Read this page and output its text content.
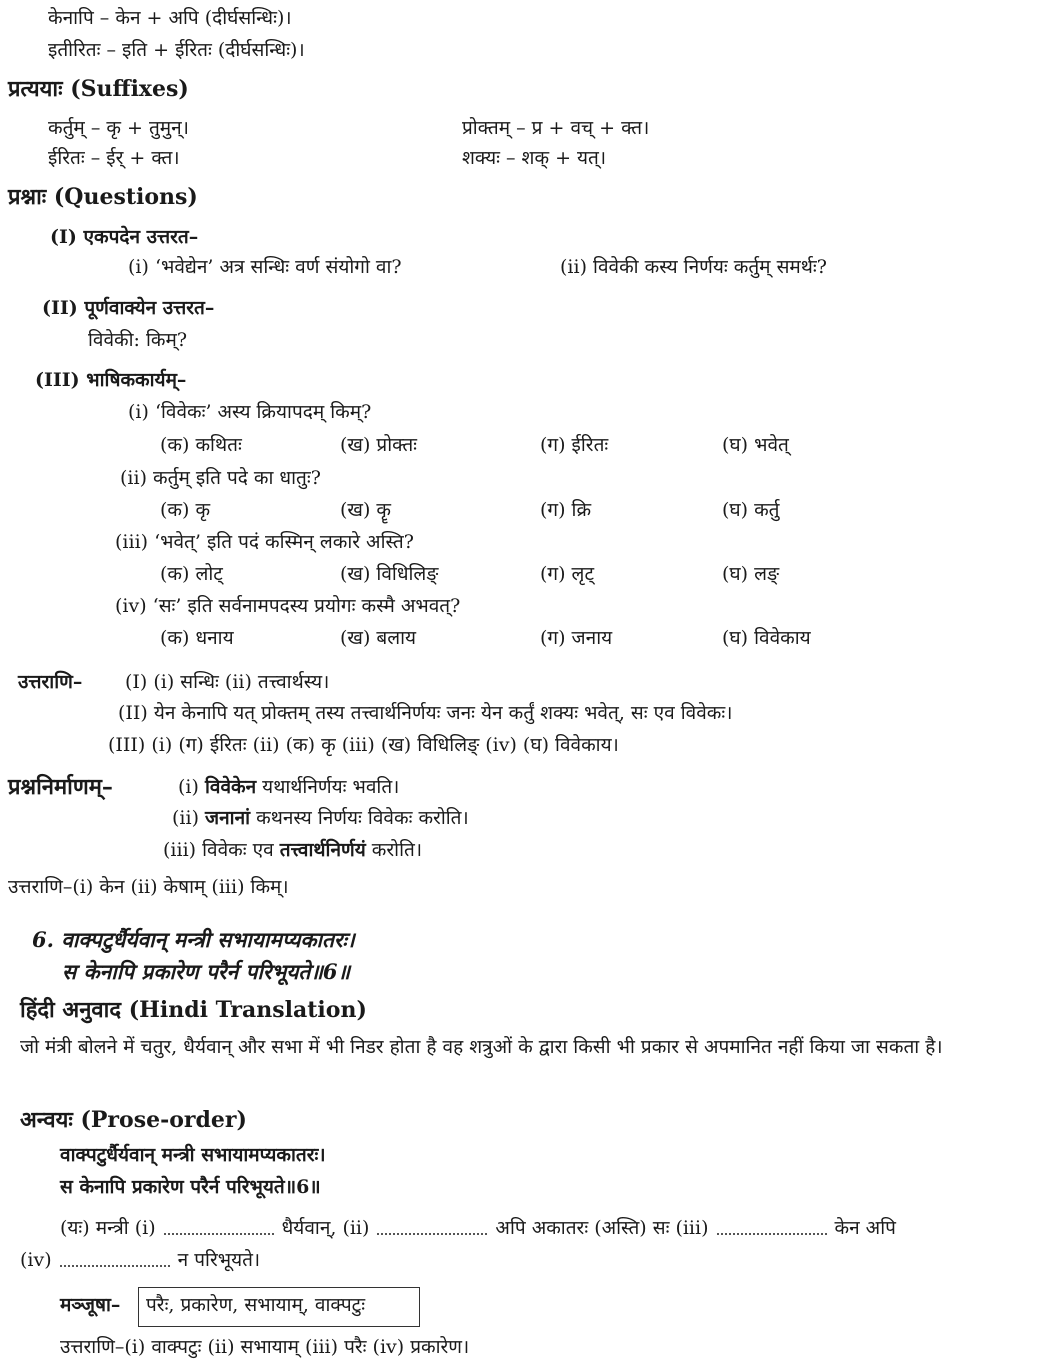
केनापि – केन + अपि (दीर्घसन्धिः)।
इतीरितः – इति + ईरितः (दीर्घसन्धिः)।
प्रत्ययाः (Suffixes)
कर्तुम् – कृ + तुमुन्।	प्रोक्तम् – प्र + वच् + क्त।
ईरितः – ईर् + क्त।	शक्यः – शक् + यत्।
प्रश्नाः (Questions)
(I) एकपदेन उत्तरत–
(i) ‘भवेद्येन’ अत्र सन्धिः वर्ण संयोगो वा?	(ii) विवेकी कस्य निर्णयः कर्तुम् समर्थः?
(II) पूर्णवाक्येन उत्तरत–
विवेकी: किम्?
(III) भाषिककार्यम्–
(i) ‘विवेकः’ अस्य क्रियापदम् किम्?
(क) कथितः	(ख) प्रोक्तः	(ग) ईरितः	(घ) भवेत्
(ii) कर्तुम् इति पदे का धातुः?
(क) कृ	(ख) कॄ	(ग) क्रि	(घ) कर्तु
(iii) ‘भवेत्’ इति पदं कस्मिन् लकारे अस्ति?
(क) लोट्	(ख) विधिलिङ्	(ग) लृट्	(घ) लङ्
(iv) ‘सः’ इति सर्वनामपदस्य प्रयोगः कस्मै अभवत्?
(क) धनाय	(ख) बलाय	(ग) जनाय	(घ) विवेकाय
उत्तराणि– (I) (i) सन्धिः (ii) तत्त्वार्थस्य।
(II) येन केनापि यत् प्रोक्तम् तस्य तत्त्वार्थनिर्णयः जनः येन कर्तुं शक्यः भवेत्, सः एव विवेकः।
(III) (i) (ग) ईरितः (ii) (क) कृ (iii) (ख) विधिलिङ् (iv) (घ) विवेकाय।
प्रश्ननिर्माणम्–	(i) विवेकेन यथार्थनिर्णयः भवति।
(ii) जनानां कथनस्य निर्णयः विवेकः करोति।
(iii) विवेकः एव तत्त्वार्थनिर्णयं करोति।
उत्तराणि–(i) केन (ii) केषाम् (iii) किम्।
6. वाक्पटुर्धैर्यवान् मन्त्री सभायामप्यकातरः।
स केनापि प्रकारेण परैर्न परिभूयते॥6॥
हिंदी अनुवाद (Hindi Translation)
जो मंत्री बोलने में चतुर, धैर्यवान् और सभा में भी निडर होता है वह शत्रुओं के द्वारा किसी भी प्रकार से अपमानित नहीं किया जा सकता है।
अन्वयः (Prose-order)
वाक्पटुर्धैर्यवान् मन्त्री सभायामप्यकातरः।
स केनापि प्रकारेण परैर्न परिभूयते॥6॥
(यः) मन्त्री (i)	धैर्यवान्, (ii)	अपि अकातरः (अस्ति) सः (iii)	केन अपि
(iv)	न परिभूयते।
मञ्जूषा– परैः, प्रकारेण, सभायाम्, वाक्पटुः
उत्तराणि–(i) वाक्पटुः (ii) सभायाम् (iii) परैः (iv) प्रकारेण।
